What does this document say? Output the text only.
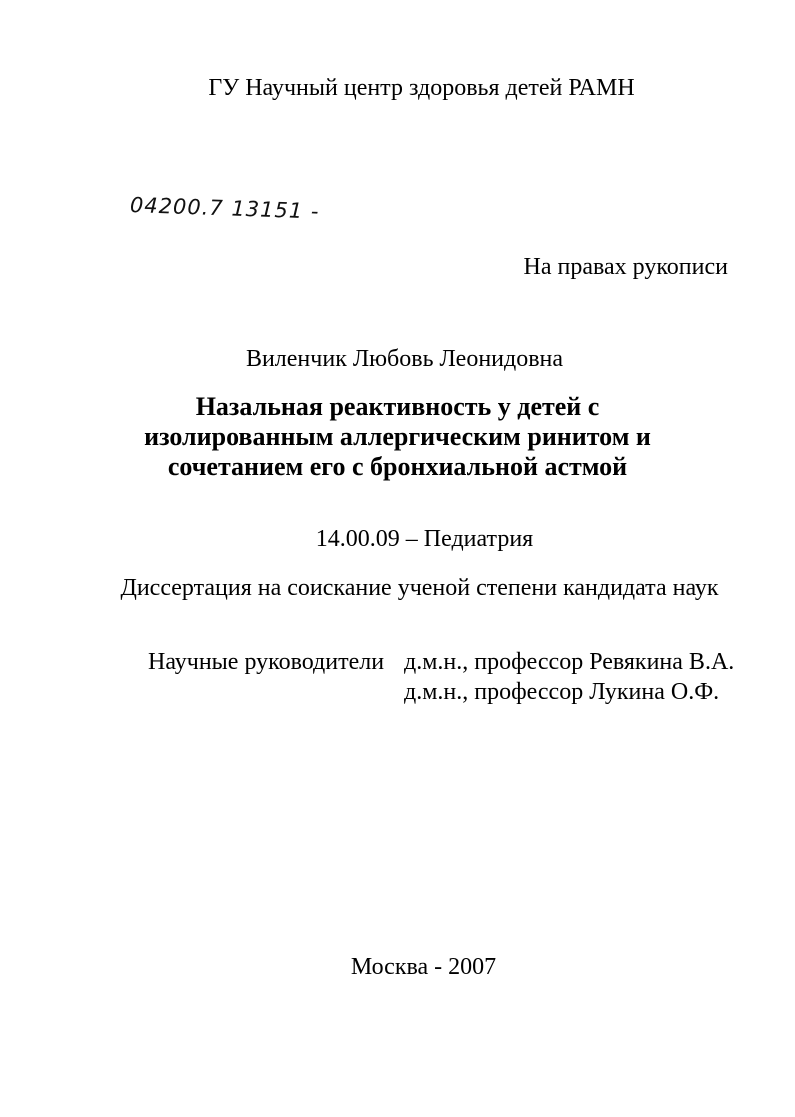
ГУ Научный центр здоровья детей РАМН
04200.7 13151 -
На правах рукописи
Виленчик Любовь Леонидовна
Назальная реактивность у детей с
изолированным аллергическим ринитом и
сочетанием его с бронхиальной астмой
14.00.09 – Педиатрия
Диссертация на соискание ученой степени кандидата наук
Научные руководители д.м.н., профессор Ревякина В.А.
д.м.н., профессор Лукина О.Ф.
Москва - 2007
